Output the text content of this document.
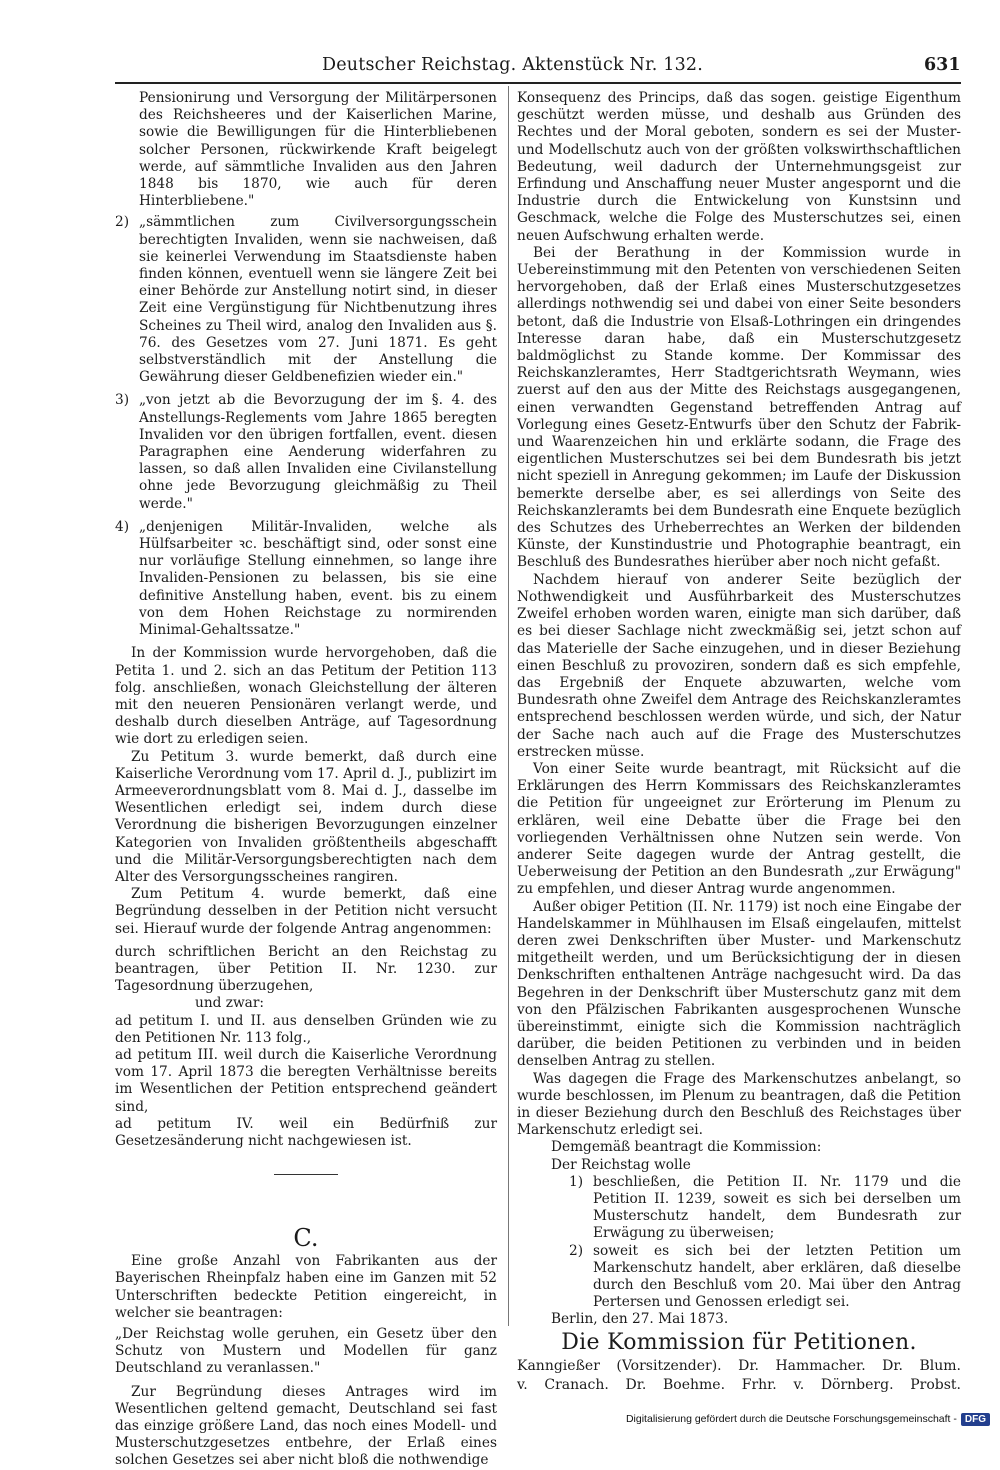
Deutscher Reichstag. Aktenstück Nr. 132.	631

Pensionirung und Versorgung der Militärpersonen des Reichsheeres und der Kaiserlichen Marine, sowie die Bewilligungen für die Hinterbliebenen solcher Personen, rückwirkende Kraft beigelegt werde, auf sämmtliche Invaliden aus den Jahren 1848 bis 1870, wie auch für deren Hinterbliebene."

2) „sämmtlichen zum Civilversorgungsschein berechtigten Invaliden, wenn sie nachweisen, daß sie keinerlei Verwendung im Staatsdienste haben finden können, eventuell wenn sie längere Zeit bei einer Behörde zur Anstellung notirt sind, in dieser Zeit eine Vergünstigung für Nichtbenutzung ihres Scheines zu Theil wird, analog den Invaliden aus §. 76. des Gesetzes vom 27. Juni 1871. Es geht selbstverständlich mit der Anstellung die Gewährung dieser Geldbenefizien wieder ein."
3) „von jetzt ab die Bevorzugung der im §. 4. des Anstellungs-Reglements vom Jahre 1865 beregten Invaliden vor den übrigen fortfallen, event. diesen Paragraphen eine Aenderung widerfahren zu lassen, so daß allen Invaliden eine Civilanstellung ohne jede Bevorzugung gleichmäßig zu Theil werde."
4) „denjenigen Militär-Invaliden, welche als Hülfsarbeiter ꝛc. beschäftigt sind, oder sonst eine nur vorläufige Stellung einnehmen, so lange ihre Invaliden-Pensionen zu belassen, bis sie eine definitive Anstellung haben, event. bis zu einem von dem Hohen Reichstage zu normirenden Minimal-Gehaltssatze."

In der Kommission wurde hervorgehoben, daß die Petita 1. und 2. sich an das Petitum der Petition 113 folg. anschließen, wonach Gleichstellung der älteren mit den neueren Pensionären verlangt werde, und deshalb durch dieselben Anträge, auf Tagesordnung wie dort zu erledigen seien.

Zu Petitum 3. wurde bemerkt, daß durch eine Kaiserliche Verordnung vom 17. April d. J., publizirt im Armeeverordnungsblatt vom 8. Mai d. J., dasselbe im Wesentlichen erledigt sei, indem durch diese Verordnung die bisherigen Bevorzugungen einzelner Kategorien von Invaliden größtentheils abgeschafft und die Militär-Versorgungsberechtigten nach dem Alter des Versorgungsscheines rangiren.

Zum Petitum 4. wurde bemerkt, daß eine Begründung desselben in der Petition nicht versucht sei. Hierauf wurde der folgende Antrag angenommen:

durch schriftlichen Bericht an den Reichstag zu beantragen, über Petition II. Nr. 1230. zur Tagesordnung überzugehen,

und zwar:

ad petitum I. und II. aus denselben Gründen wie zu den Petitionen Nr. 113 folg.,

ad petitum III. weil durch die Kaiserliche Verordnung vom 17. April 1873 die beregten Verhältnisse bereits im Wesentlichen der Petition entsprechend geändert sind,

ad petitum IV. weil ein Bedürfniß zur Gesetzesänderung nicht nachgewiesen ist.

C.

Eine große Anzahl von Fabrikanten aus der Bayerischen Rheinpfalz haben eine im Ganzen mit 52 Unterschriften bedeckte Petition eingereicht, in welcher sie beantragen:

„Der Reichstag wolle geruhen, ein Gesetz über den Schutz von Mustern und Modellen für ganz Deutschland zu veranlassen."

Zur Begründung dieses Antrages wird im Wesentlichen geltend gemacht, Deutschland sei fast das einzige größere Land, das noch eines Modell- und Musterschutzgesetzes entbehre, der Erlaß eines solchen Gesetzes sei aber nicht bloß die nothwendige

Konsequenz des Princips, daß das sogen. geistige Eigenthum geschützt werden müsse, und deshalb aus Gründen des Rechtes und der Moral geboten, sondern es sei der Muster- und Modellschutz auch von der größten volkswirthschaftlichen Bedeutung, weil dadurch der Unternehmungsgeist zur Erfindung und Anschaffung neuer Muster angespornt und die Industrie durch die Entwickelung von Kunstsinn und Geschmack, welche die Folge des Musterschutzes sei, einen neuen Aufschwung erhalten werde.

Bei der Berathung in der Kommission wurde in Uebereinstimmung mit den Petenten von verschiedenen Seiten hervorgehoben, daß der Erlaß eines Musterschutzgesetzes allerdings nothwendig sei und dabei von einer Seite besonders betont, daß die Industrie von Elsaß-Lothringen ein dringendes Interesse daran habe, daß ein Musterschutzgesetz baldmöglichst zu Stande komme. Der Kommissar des Reichskanzleramtes, Herr Stadtgerichtsrath Weymann, wies zuerst auf den aus der Mitte des Reichstags ausgegangenen, einen verwandten Gegenstand betreffenden Antrag auf Vorlegung eines Gesetz-Entwurfs über den Schutz der Fabrik- und Waarenzeichen hin und erklärte sodann, die Frage des eigentlichen Musterschutzes sei bei dem Bundesrath bis jetzt nicht speziell in Anregung gekommen; im Laufe der Diskussion bemerkte derselbe aber, es sei allerdings von Seite des Reichskanzleramts bei dem Bundesrath eine Enquete bezüglich des Schutzes des Urheberrechtes an Werken der bildenden Künste, der Kunstindustrie und Photographie beantragt, ein Beschluß des Bundesrathes hierüber aber noch nicht gefaßt.

Nachdem hierauf von anderer Seite bezüglich der Nothwendigkeit und Ausführbarkeit des Musterschutzes Zweifel erhoben worden waren, einigte man sich darüber, daß es bei dieser Sachlage nicht zweckmäßig sei, jetzt schon auf das Materielle der Sache einzugehen, und in dieser Beziehung einen Beschluß zu provoziren, sondern daß es sich empfehle, das Ergebniß der Enquete abzuwarten, welche vom Bundesrath ohne Zweifel dem Antrage des Reichskanzleramtes entsprechend beschlossen werden würde, und sich, der Natur der Sache nach auch auf die Frage des Musterschutzes erstrecken müsse.

Von einer Seite wurde beantragt, mit Rücksicht auf die Erklärungen des Herrn Kommissars des Reichskanzleramtes die Petition für ungeeignet zur Erörterung im Plenum zu erklären, weil eine Debatte über die Frage bei den vorliegenden Verhältnissen ohne Nutzen sein werde. Von anderer Seite dagegen wurde der Antrag gestellt, die Ueberweisung der Petition an den Bundesrath „zur Erwägung" zu empfehlen, und dieser Antrag wurde angenommen.

Außer obiger Petition (II. Nr. 1179) ist noch eine Eingabe der Handelskammer in Mühlhausen im Elsaß eingelaufen, mittelst deren zwei Denkschriften über Muster- und Markenschutz mitgetheilt werden, und um Berücksichtigung der in diesen Denkschriften enthaltenen Anträge nachgesucht wird. Da das Begehren in der Denkschrift über Musterschutz ganz mit dem von den Pfälzischen Fabrikanten ausgesprochenen Wunsche übereinstimmt, einigte sich die Kommission nachträglich darüber, die beiden Petitionen zu verbinden und in beiden denselben Antrag zu stellen.

Was dagegen die Frage des Markenschutzes anbelangt, so wurde beschlossen, im Plenum zu beantragen, daß die Petition in dieser Beziehung durch den Beschluß des Reichstages über Markenschutz erledigt sei.

Demgemäß beantragt die Kommission:

Der Reichstag wolle

1) beschließen, die Petition II. Nr. 1179 und die Petition II. 1239, soweit es sich bei derselben um Musterschutz handelt, dem Bundesrath zur Erwägung zu überweisen;
2) soweit es sich bei der letzten Petition um Markenschutz handelt, aber erklären, daß dieselbe durch den Beschluß vom 20. Mai über den Antrag Pertersen und Genossen erledigt sei.

Berlin, den 27. Mai 1873.

Die Kommission für Petitionen.

Kanngießer (Vorsitzender). Dr. Hammacher. Dr. Blum.

v. Cranach. Dr. Boehme. Frhr. v. Dörnberg. Probst.

Digitalisierung gefördert durch die Deutsche Forschungsgemeinschaft - DFG
